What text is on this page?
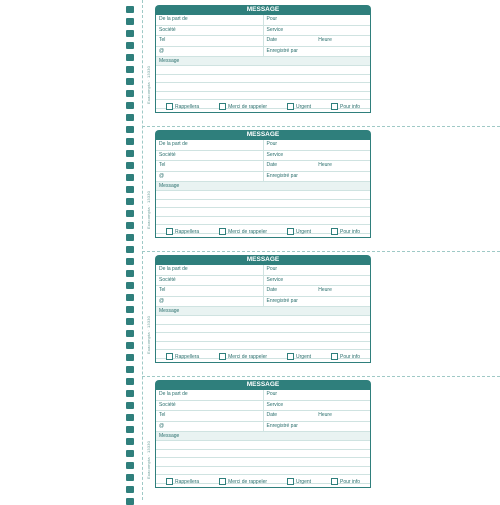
MESSAGE
De la part de	Pour
Société	Service
Tel	Date	Heure
@	Enregistré par
Message
Rappellera	Merci de rappeler	Urgent	Pour info
Exacompta · 13330
MESSAGE
De la part de	Pour
Société	Service
Tel	Date	Heure
@	Enregistré par
Message
Rappellera	Merci de rappeler	Urgent	Pour info
Exacompta · 13330
MESSAGE
De la part de	Pour
Société	Service
Tel	Date	Heure
@	Enregistré par
Message
Rappellera	Merci de rappeler	Urgent	Pour info
Exacompta · 13330
MESSAGE
De la part de	Pour
Société	Service
Tel	Date	Heure
@	Enregistré par
Message
Rappellera	Merci de rappeler	Urgent	Pour info
Exacompta · 13330
